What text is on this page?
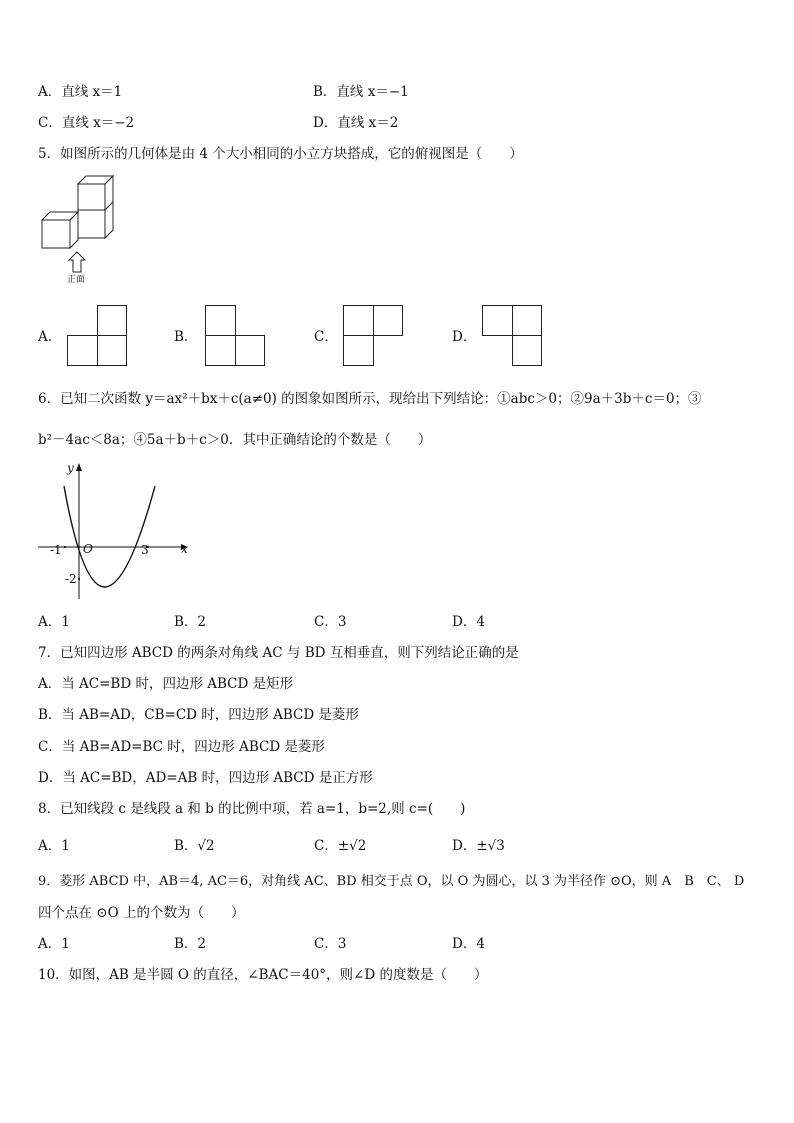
A．直线 x＝1	B．直线 x＝−1
C．直线 x＝−2	D．直线 x＝2
5．如图所示的几何体是由 4 个大小相同的小立方块搭成，它的俯视图是（　　）
正面
A．	B．	C．	D．
6．已知二次函数 y＝ax²＋bx＋c(a≠0) 的图象如图所示，现给出下列结论：①abc＞0；②9a＋3b＋c＝0；③
b²－4ac＜8a；④5a＋b＋c＞0．其中正确结论的个数是（　　）
y
x
O
-1	3
-2
A．1	B．2	C．3	D．4
7．已知四边形 ABCD 的两条对角线 AC 与 BD 互相垂直，则下列结论正确的是
A．当 AC=BD 时，四边形 ABCD 是矩形
B．当 AB=AD，CB=CD 时，四边形 ABCD 是菱形
C．当 AB=AD=BC 时，四边形 ABCD 是菱形
D．当 AC=BD，AD=AB 时，四边形 ABCD 是正方形
8．已知线段 c 是线段 a 和 b 的比例中项，若 a=1，b=2,则 c=(　　)
A．1	B．√2	C．±√2	D．±√3
9．菱形 ABCD 中，AB＝4, AC＝6，对角线 AC、BD 相交于点 O，以 O 为圆心，以 3 为半径作 ⊙O，则 A　B　C、 D
四个点在 ⊙O 上的个数为（　　）
A．1	B．2	C．3	D．4
10．如图，AB 是半圆 O 的直径，∠BAC＝40°，则∠D 的度数是（　　）
